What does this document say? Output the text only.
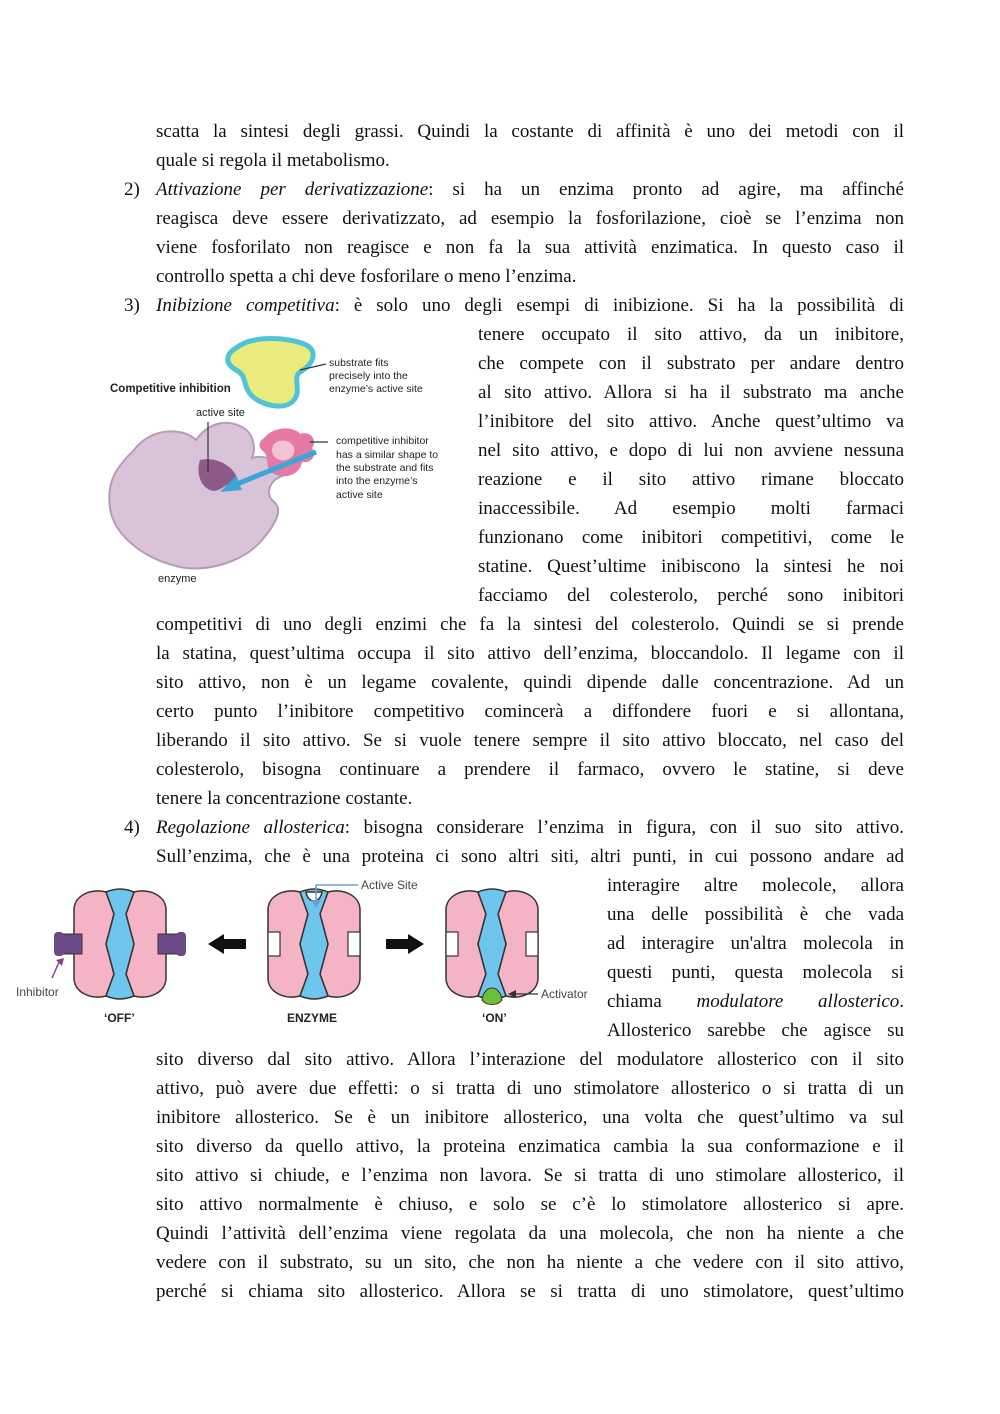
scatta la sintesi degli grassi. Quindi la costante di affinità è uno dei metodi con il
quale si regola il metabolismo.
2) Attivazione per derivatizzazione: si ha un enzima pronto ad agire, ma affinché
reagisca deve essere derivatizzato, ad esempio la fosforilazione, cioè se l’enzima non
viene fosforilato non reagisce e non fa la sua attività enzimatica. In questo caso il
controllo spetta a chi deve fosforilare o meno l’enzima.
3) Inibizione competitiva: è solo uno degli esempi di inibizione. Si ha la possibilità di
tenere occupato il sito attivo, da un inibitore,
che compete con il substrato per andare dentro
al sito attivo. Allora si ha il substrato ma anche
l’inibitore del sito attivo. Anche quest’ultimo va
nel sito attivo, e dopo di lui non avviene nessuna
reazione e il sito attivo rimane bloccato
inaccessibile. Ad esempio molti farmaci
funzionano come inibitori competitivi, come le
statine. Quest’ultime inibiscono la sintesi he noi
facciamo del colesterolo, perché sono inibitori
Competitive inhibition
active site
substrate fits
precisely into the
enzyme’s active site
competitive inhibitor
has a similar shape to
the substrate and fits
into the enzyme’s
active site
enzyme
competitivi di uno degli enzimi che fa la sintesi del colesterolo. Quindi se si prende
la statina, quest’ultima occupa il sito attivo dell’enzima, bloccandolo. Il legame con il
sito attivo, non è un legame covalente, quindi dipende dalle concentrazione. Ad un
certo punto l’inibitore competitivo comincerà a diffondere fuori e si allontana,
liberando il sito attivo. Se si vuole tenere sempre il sito attivo bloccato, nel caso del
colesterolo, bisogna continuare a prendere il farmaco, ovvero le statine, si deve
tenere la concentrazione costante.
4) Regolazione allosterica: bisogna considerare l’enzima in figura, con il suo sito attivo.
Sull’enzima, che è una proteina ci sono altri siti, altri punti, in cui possono andare ad
interagire altre molecole, allora
una delle possibilità è che vada
ad interagire un'altra molecola in
questi punti, questa molecola si
chiama modulatore allosterico.
Allosterico sarebbe che agisce su
Active Site
Inhibitor	Activator
‘OFF’	ENZYME	‘ON’
sito diverso dal sito attivo. Allora l’interazione del modulatore allosterico con il sito
attivo, può avere due effetti: o si tratta di uno stimolatore allosterico o si tratta di un
inibitore allosterico. Se è un inibitore allosterico, una volta che quest’ultimo va sul
sito diverso da quello attivo, la proteina enzimatica cambia la sua conformazione e il
sito attivo si chiude, e l’enzima non lavora. Se si tratta di uno stimolare allosterico, il
sito attivo normalmente è chiuso, e solo se c’è lo stimolatore allosterico si apre.
Quindi l’attività dell’enzima viene regolata da una molecola, che non ha niente a che
vedere con il substrato, su un sito, che non ha niente a che vedere con il sito attivo,
perché si chiama sito allosterico. Allora se si tratta di uno stimolatore, quest’ultimo
